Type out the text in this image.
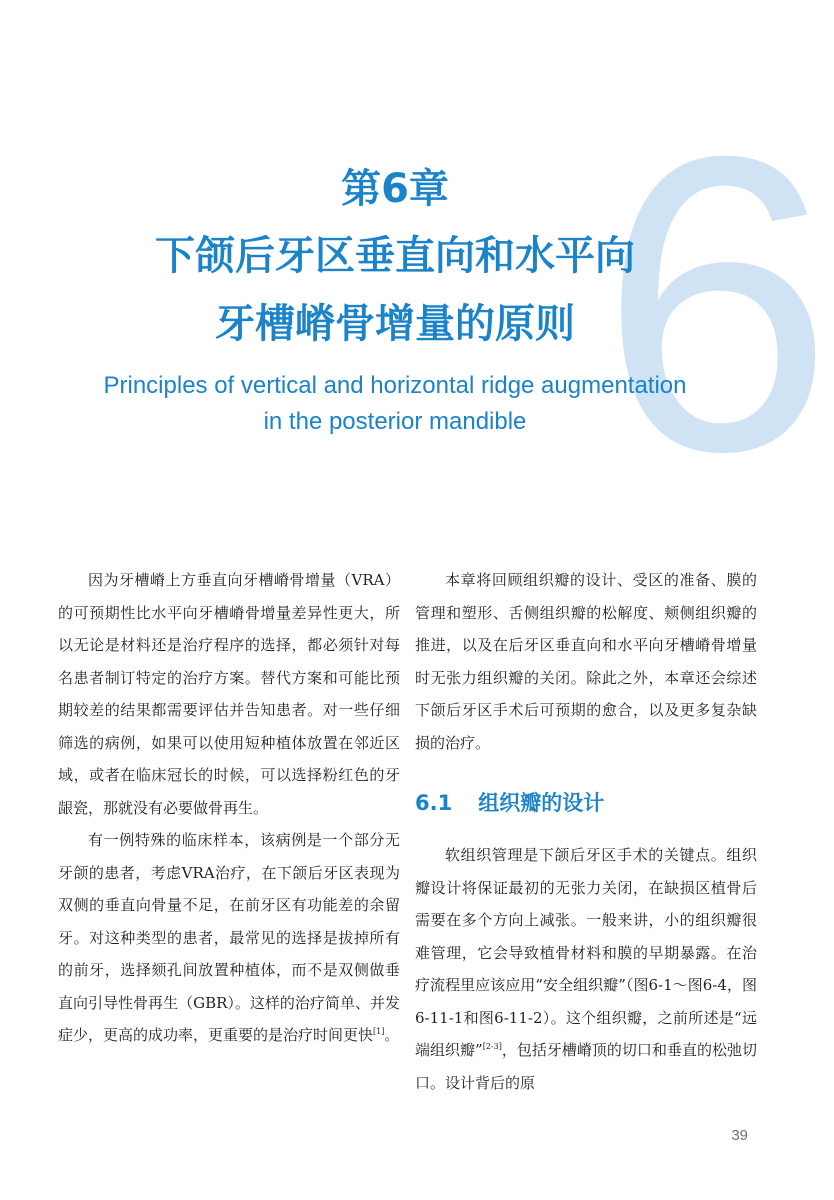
6
第6章
下颌后牙区垂直向和水平向
牙槽嵴骨增量的原则
Principles of vertical and horizontal ridge augmentation
in the posterior mandible

因为牙槽嵴上方垂直向牙槽嵴骨增量（VRA）的可预期性比水平向牙槽嵴骨增量差异性更大，所以无论是材料还是治疗程序的选择，都必须针对每名患者制订特定的治疗方案。替代方案和可能比预期较差的结果都需要评估并告知患者。对一些仔细筛选的病例，如果可以使用短种植体放置在邻近区域，或者在临床冠长的时候，可以选择粉红色的牙龈瓷，那就没有必要做骨再生。

有一例特殊的临床样本，该病例是一个部分无牙颌的患者，考虑VRA治疗，在下颌后牙区表现为双侧的垂直向骨量不足，在前牙区有功能差的余留牙。对这种类型的患者，最常见的选择是拔掉所有的前牙，选择颏孔间放置种植体，而不是双侧做垂直向引导性骨再生（GBR）。这样的治疗简单、并发症少，更高的成功率，更重要的是治疗时间更快[1]。

本章将回顾组织瓣的设计、受区的准备、膜的管理和塑形、舌侧组织瓣的松解度、颊侧组织瓣的推进，以及在后牙区垂直向和水平向牙槽嵴骨增量时无张力组织瓣的关闭。除此之外，本章还会综述下颌后牙区手术后可预期的愈合，以及更多复杂缺损的治疗。

6.1 组织瓣的设计

软组织管理是下颌后牙区手术的关键点。组织瓣设计将保证最初的无张力关闭，在缺损区植骨后需要在多个方向上减张。一般来讲，小的组织瓣很难管理，它会导致植骨材料和膜的早期暴露。在治疗流程里应该应用“安全组织瓣”（图6-1～图6-4，图6-11-1和图6-11-2）。这个组织瓣，之前所述是“远端组织瓣”[2-3]，包括牙槽嵴顶的切口和垂直的松弛切口。设计背后的原

39
